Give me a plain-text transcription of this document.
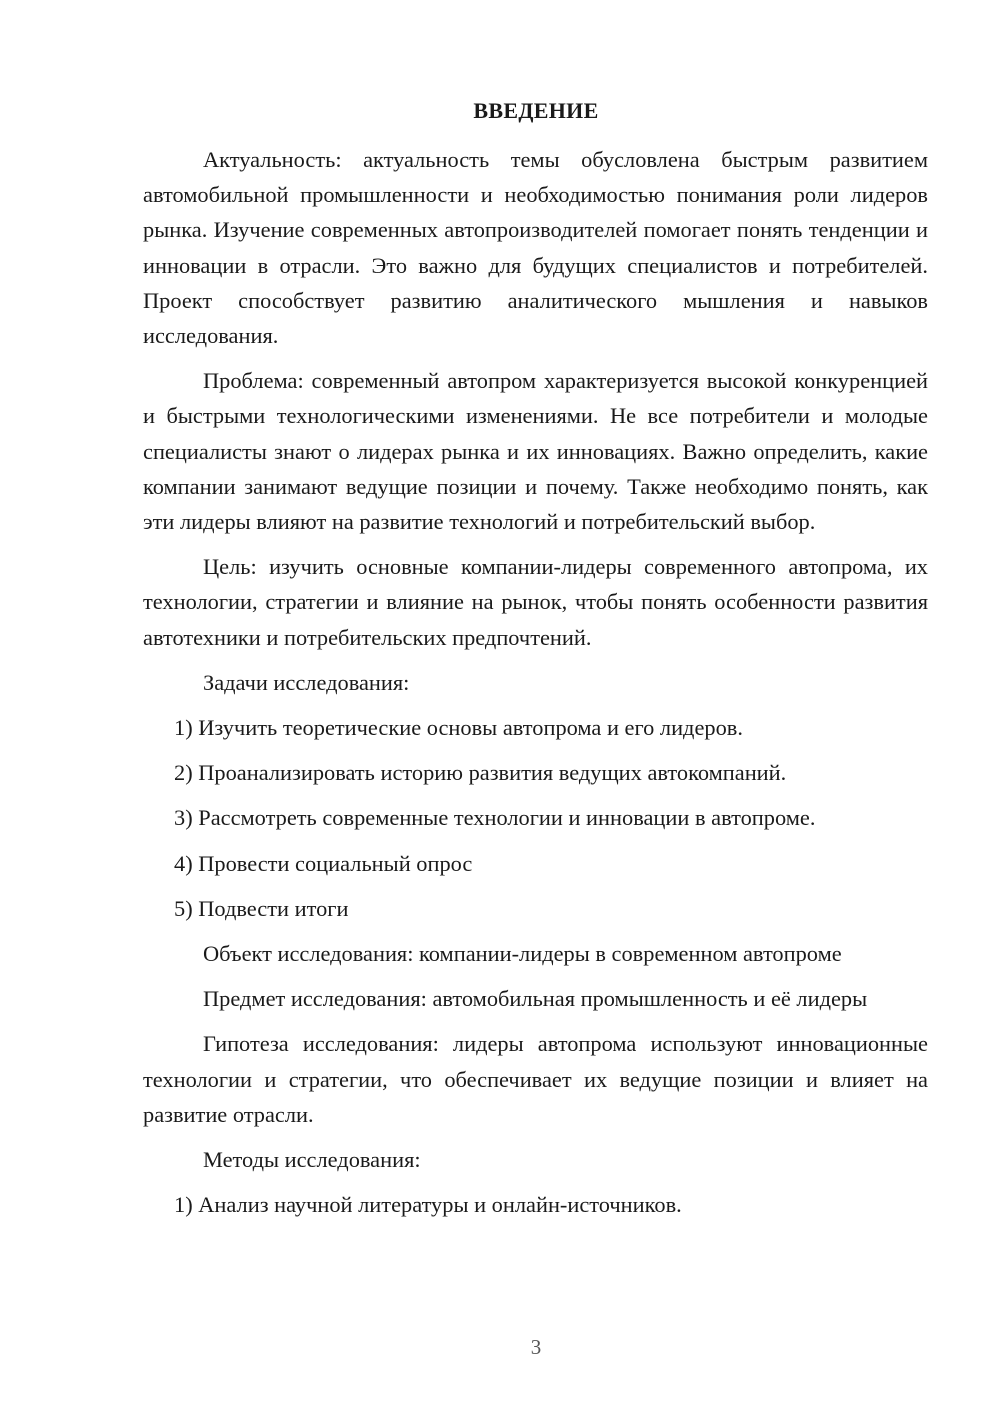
ВВЕДЕНИЕ

Актуальность: актуальность темы обусловлена быстрым развитием автомобильной промышленности и необходимостью понимания роли лидеров рынка. Изучение современных автопроизводителей помогает понять тенденции и инновации в отрасли. Это важно для будущих специалистов и потребителей. Проект способствует развитию аналитического мышления и навыков исследования.

Проблема: современный автопром характеризуется высокой конкуренцией и быстрыми технологическими изменениями. Не все потребители и молодые специалисты знают о лидерах рынка и их инновациях. Важно определить, какие компании занимают ведущие позиции и почему. Также необходимо понять, как эти лидеры влияют на развитие технологий и потребительский выбор.

Цель: изучить основные компании-лидеры современного автопрома, их технологии, стратегии и влияние на рынок, чтобы понять особенности развития автотехники и потребительских предпочтений.

Задачи исследования:

1) Изучить теоретические основы автопрома и его лидеров.

2) Проанализировать историю развития ведущих автокомпаний.

3) Рассмотреть современные технологии и инновации в автопроме.

4) Провести социальный опрос

5) Подвести итоги

Объект исследования: компании-лидеры в современном автопроме

Предмет исследования: автомобильная промышленность и её лидеры

Гипотеза исследования: лидеры автопрома используют инновационные технологии и стратегии, что обеспечивает их ведущие позиции и влияет на развитие отрасли.

Методы исследования:

1) Анализ научной литературы и онлайн-источников.

3
